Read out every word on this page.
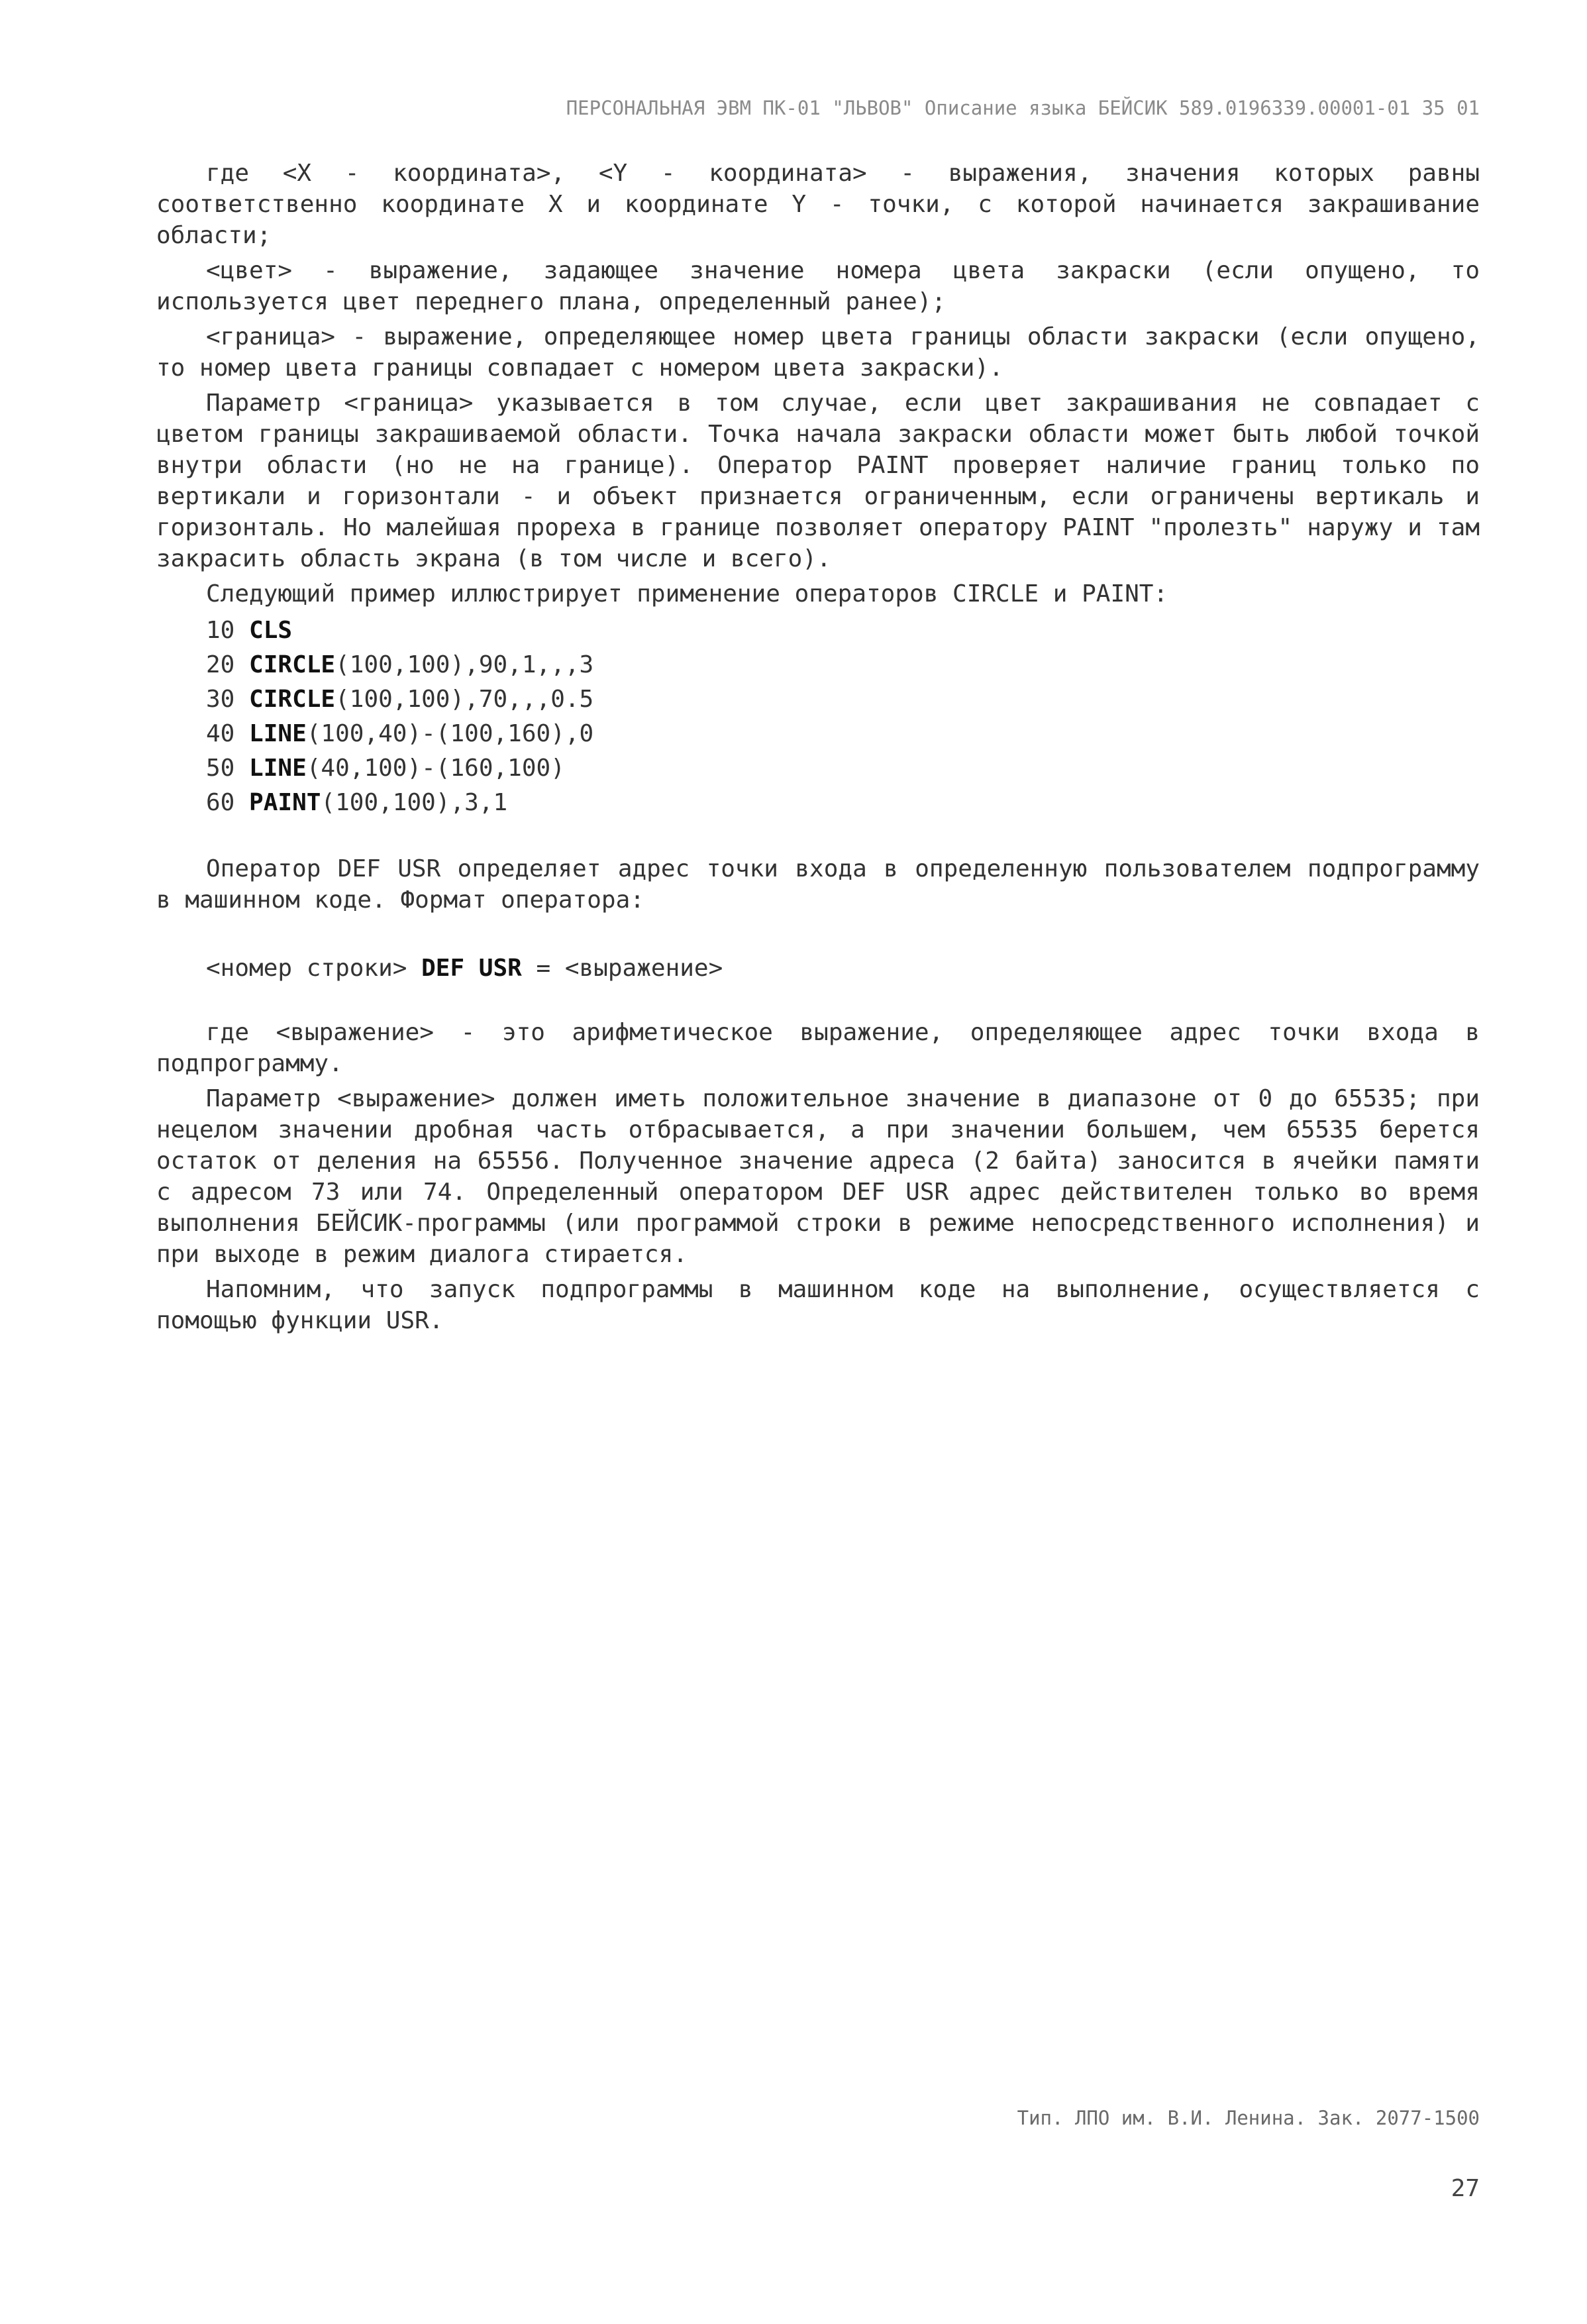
ПЕРСОНАЛЬНАЯ ЭВМ ПК-01 "ЛЬВОВ" Описание языка БЕЙСИК 589.0196339.00001-01 35 01

где <X - координата>, <Y - координата> - выражения, значения которых равны соответственно координате X и координате Y - точки, с которой начинается закрашивание области;

<цвет> - выражение, задающее значение номера цвета закраски (если опущено, то используется цвет переднего плана, определенный ранее);

<граница> - выражение, определяющее номер цвета границы области закраски (если опущено, то номер цвета границы совпадает с номером цвета закраски).

Параметр <граница> указывается в том случае, если цвет закрашивания не совпадает с цветом границы закрашиваемой области. Точка начала закраски области может быть любой точкой внутри области (но не на границе). Оператор PAINT проверяет наличие границ только по вертикали и горизонтали - и объект признается ограниченным, если ограничены вертикаль и горизонталь. Но малейшая прореха в границе позволяет оператору PAINT "пролезть" наружу и там закрасить область экрана (в том числе и всего).

Следующий пример иллюстрирует применение операторов CIRCLE и PAINT:

10 CLS
20 CIRCLE(100,100),90,1,,,3
30 CIRCLE(100,100),70,,,0.5
40 LINE(100,40)-(100,160),0
50 LINE(40,100)-(160,100)
60 PAINT(100,100),3,1

Оператор DEF USR определяет адрес точки входа в определенную пользователем подпрограмму в машинном коде. Формат оператора:

<номер строки> DEF USR = <выражение>

где <выражение> - это арифметическое выражение, определяющее адрес точки входа в подпрограмму.

Параметр <выражение> должен иметь положительное значение в диапазоне от 0 до 65535; при нецелом значении дробная часть отбрасывается, а при значении большем, чем 65535 берется остаток от деления на 65556. Полученное значение адреса (2 байта) заносится в ячейки памяти с адресом 73 или 74. Определенный оператором DEF USR адрес действителен только во время выполнения БЕЙСИК-программы (или программой строки в режиме непосредственного исполнения) и при выходе в режим диалога стирается.

Напомним, что запуск подпрограммы в машинном коде на выполнение, осуществляется с помощью функции USR.

Тип. ЛПО им. В.И. Ленина. Зак. 2077-1500
27
